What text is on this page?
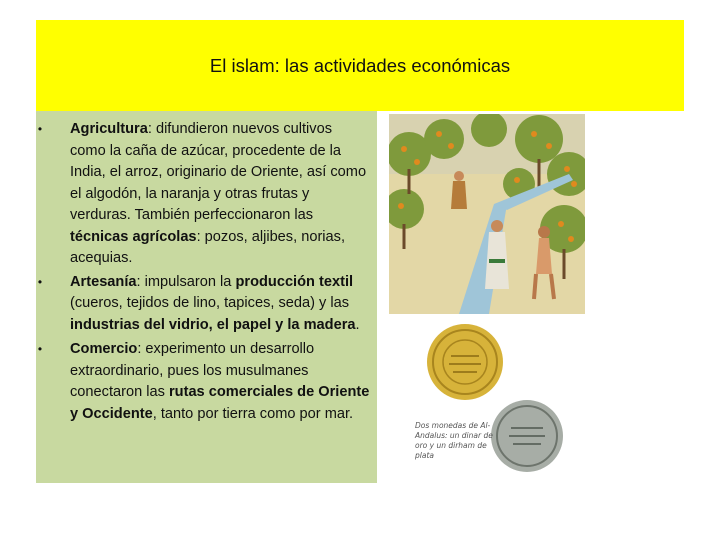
El islam: las actividades económicas
•	Agricultura: difundieron nuevos cultivos como la caña de azúcar, procedente de la India, el arroz, originario de Oriente, así como el algodón, la naranja y otras frutas y verduras. También perfeccionaron las técnicas agrícolas: pozos, aljibes, norias, acequias.
•	Artesanía: impulsaron la producción textil (cueros, tejidos de lino, tapices, seda) y las industrias del vidrio, el papel y la madera.
•	Comercio: experimento un desarrollo extraordinario, pues los musulmanes conectaron las rutas comerciales de Oriente y Occidente, tanto por tierra como por mar.
Dos monedas de Al-Andalus: un dinar de oro y un dirham de plata
